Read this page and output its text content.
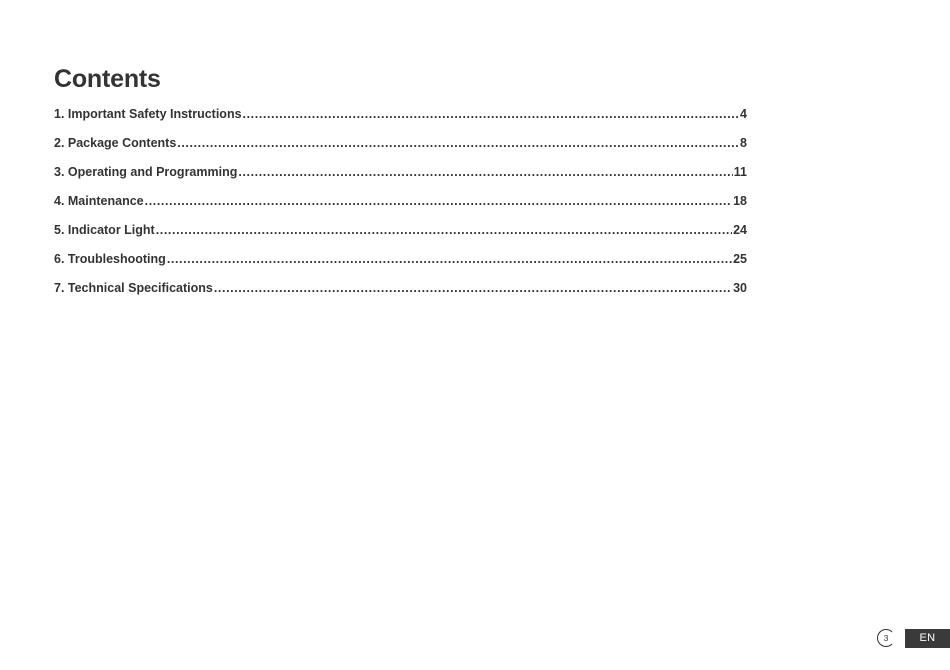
Contents
1. Important Safety Instructions .....	4
2. Package Contents .....	8
3. Operating and Programming .....	11
4. Maintenance .....	18
5. Indicator Light .....	24
6. Troubleshooting .....	25
7. Technical Specifications .....	30
3	EN
